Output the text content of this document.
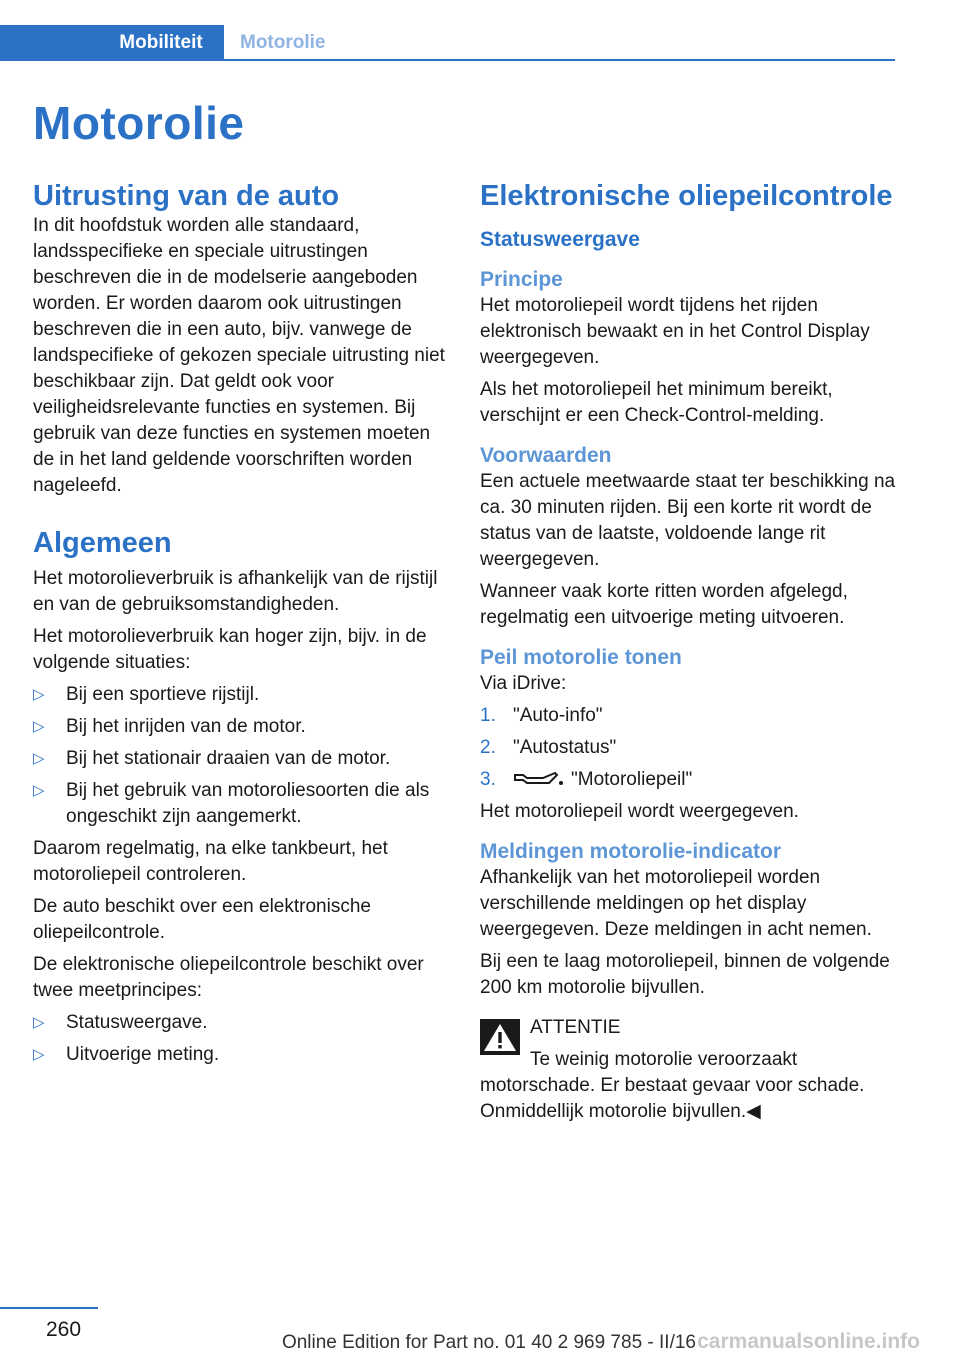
Mobiliteit	Motorolie
Motorolie
Uitrusting van de auto

In dit hoofdstuk worden alle standaard, landsspecifieke en speciale uitrustingen beschreven die in de modelserie aangeboden worden. Er worden daarom ook uitrustingen beschreven die in een auto, bijv. vanwege de landspecifieke of gekozen speciale uitrusting niet beschikbaar zijn. Dat geldt ook voor veiligheidsrelevante functies en systemen. Bij gebruik van deze functies en systemen moeten de in het land geldende voorschriften worden nageleefd.

Algemeen

Het motorolieverbruik is afhankelijk van de rijstijl en van de gebruiksomstandigheden.

Het motorolieverbruik kan hoger zijn, bijv. in de volgende situaties:

▷ Bij een sportieve rijstijl.
▷ Bij het inrijden van de motor.
▷ Bij het stationair draaien van de motor.
▷ Bij het gebruik van motoroliesoorten die als ongeschikt zijn aangemerkt.

Daarom regelmatig, na elke tankbeurt, het motoroliepeil controleren.

De auto beschikt over een elektronische oliepeilcontrole.

De elektronische oliepeilcontrole beschikt over twee meetprincipes:

▷ Statusweergave.
▷ Uitvoerige meting.
Elektronische oliepeilcontrole
Statusweergave
Principe

Het motoroliepeil wordt tijdens het rijden elektronisch bewaakt en in het Control Display weergegeven.

Als het motoroliepeil het minimum bereikt, verschijnt er een Check-Control-melding.

Voorwaarden

Een actuele meetwaarde staat ter beschikking na ca. 30 minuten rijden. Bij een korte rit wordt de status van de laatste, voldoende lange rit weergegeven.

Wanneer vaak korte ritten worden afgelegd, regelmatig een uitvoerige meting uitvoeren.

Peil motorolie tonen

Via iDrive:

1. "Auto-info"
2. "Autostatus"
3.	"Motoroliepeil"

Het motoroliepeil wordt weergegeven.

Meldingen motorolie-indicator

Afhankelijk van het motoroliepeil worden verschillende meldingen op het display weergegeven. Deze meldingen in acht nemen.

Bij een te laag motoroliepeil, binnen de volgende 200 km motorolie bijvullen.

ATTENTIE

Te weinig motorolie veroorzaakt motorschade. Er bestaat gevaar voor schade. Onmiddellijk motorolie bijvullen.◀

260
Online Edition for Part no. 01 40 2 969 785 - II/16 carmanualsonline.info
